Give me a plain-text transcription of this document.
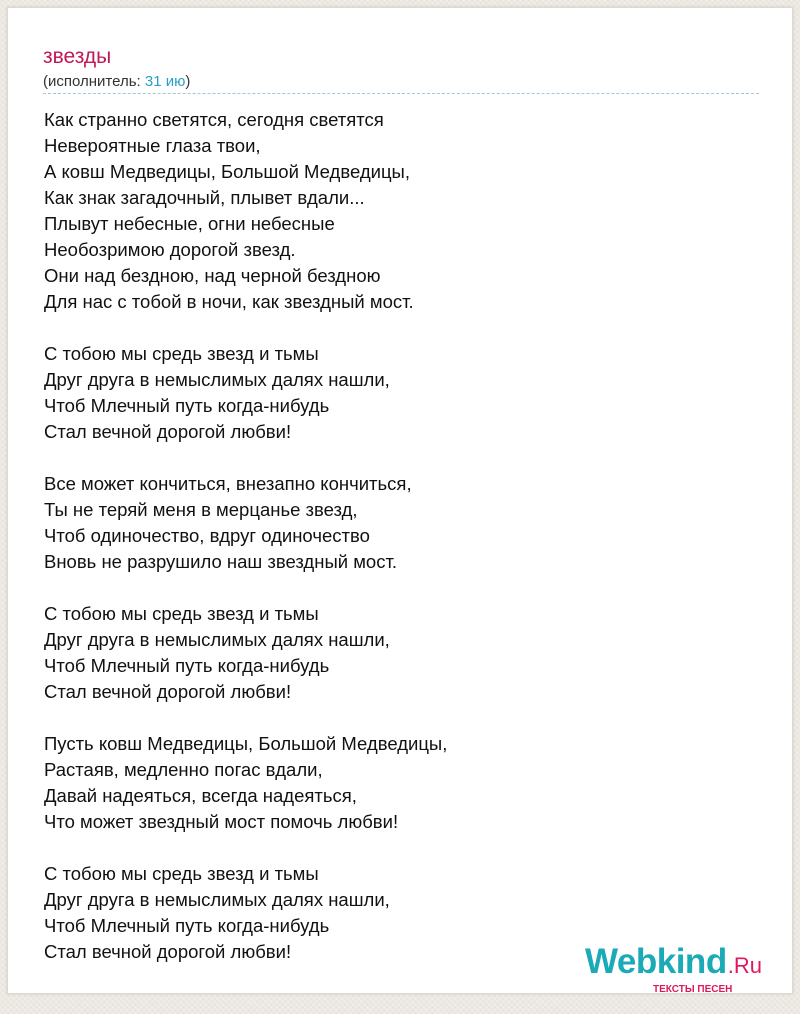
звезды
(исполнитель: 31 ию)
Как странно светятся, сегодня светятся
Невероятные глаза твои,
А ковш Медведицы, Большой Медведицы,
Как знак загадочный, плывет вдали...
Плывут небесные, огни небесные
Необозримою дорогой звезд.
Они над бездною, над черной бездною
Для нас с тобой в ночи, как звездный мост.
С тобою мы средь звезд и тьмы
Друг друга в немыслимых далях нашли,
Чтоб Млечный путь когда-нибудь
Стал вечной дорогой любви!
Все может кончиться, внезапно кончиться,
Ты не теряй меня в мерцанье звезд,
Чтоб одиночество, вдруг одиночество
Вновь не разрушило наш звездный мост.
С тобою мы средь звезд и тьмы
Друг друга в немыслимых далях нашли,
Чтоб Млечный путь когда-нибудь
Стал вечной дорогой любви!
Пусть ковш Медведицы, Большой Медведицы,
Растаяв, медленно погас вдали,
Давай надеяться, всегда надеяться,
Что может звездный мост помочь любви!
С тобою мы средь звезд и тьмы
Друг друга в немыслимых далях нашли,
Чтоб Млечный путь когда-нибудь
Стал вечной дорогой любви!	Webkind.Ru
ТЕКСТЫ ПЕСЕН
